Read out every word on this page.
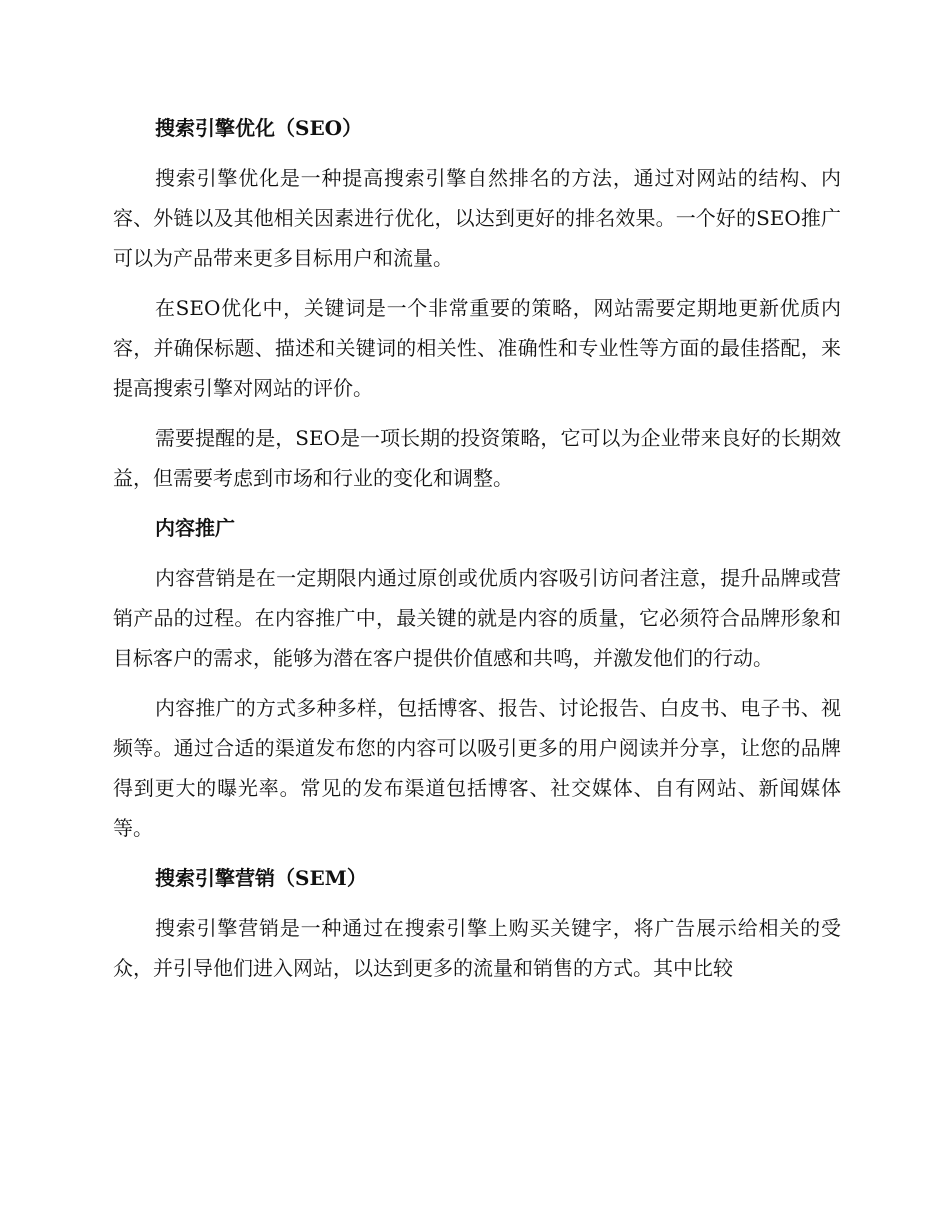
搜索引擎优化（SEO）

搜索引擎优化是一种提高搜索引擎自然排名的方法，通过对网站的结构、内容、外链以及其他相关因素进行优化，以达到更好的排名效果。一个好的SEO推广可以为产品带来更多目标用户和流量。

在SEO优化中，关键词是一个非常重要的策略，网站需要定期地更新优质内容，并确保标题、描述和关键词的相关性、准确性和专业性等方面的最佳搭配，来提高搜索引擎对网站的评价。

需要提醒的是，SEO是一项长期的投资策略，它可以为企业带来良好的长期效益，但需要考虑到市场和行业的变化和调整。

内容推广

内容营销是在一定期限内通过原创或优质内容吸引访问者注意，提升品牌或营销产品的过程。在内容推广中，最关键的就是内容的质量，它必须符合品牌形象和目标客户的需求，能够为潜在客户提供价值感和共鸣，并激发他们的行动。

内容推广的方式多种多样，包括博客、报告、讨论报告、白皮书、电子书、视频等。通过合适的渠道发布您的内容可以吸引更多的用户阅读并分享，让您的品牌得到更大的曝光率。常见的发布渠道包括博客、社交媒体、自有网站、新闻媒体等。

搜索引擎营销（SEM）

搜索引擎营销是一种通过在搜索引擎上购买关键字，将广告展示给相关的受众，并引导他们进入网站，以达到更多的流量和销售的方式。其中比较
